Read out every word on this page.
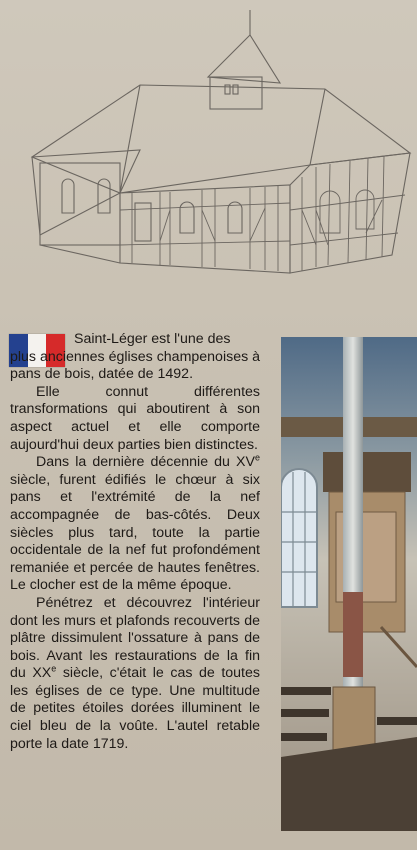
Saint-Léger est l'une des
plus anciennes églises champenoises à pans de bois, datée de 1492.

Elle connut différentes transformations qui aboutirent à son aspect actuel et elle comporte aujourd'hui deux parties bien distinctes.

Dans la dernière décennie du XVe siècle, furent édifiés le chœur à six pans et l'extrémité de la nef accompagnée de bas-côtés. Deux siècles plus tard, toute la partie occidentale de la nef fut profondément remaniée et percée de hautes fenêtres. Le clocher est de la même époque.

Pénétrez et découvrez l'intérieur dont les murs et plafonds recouverts de plâtre dissimulent l'ossature à pans de bois. Avant les restaurations de la fin du XXe siècle, c'était le cas de toutes les églises de ce type. Une multitude de petites étoiles dorées illuminent le ciel bleu de la voûte. L'autel retable porte la date 1719.
